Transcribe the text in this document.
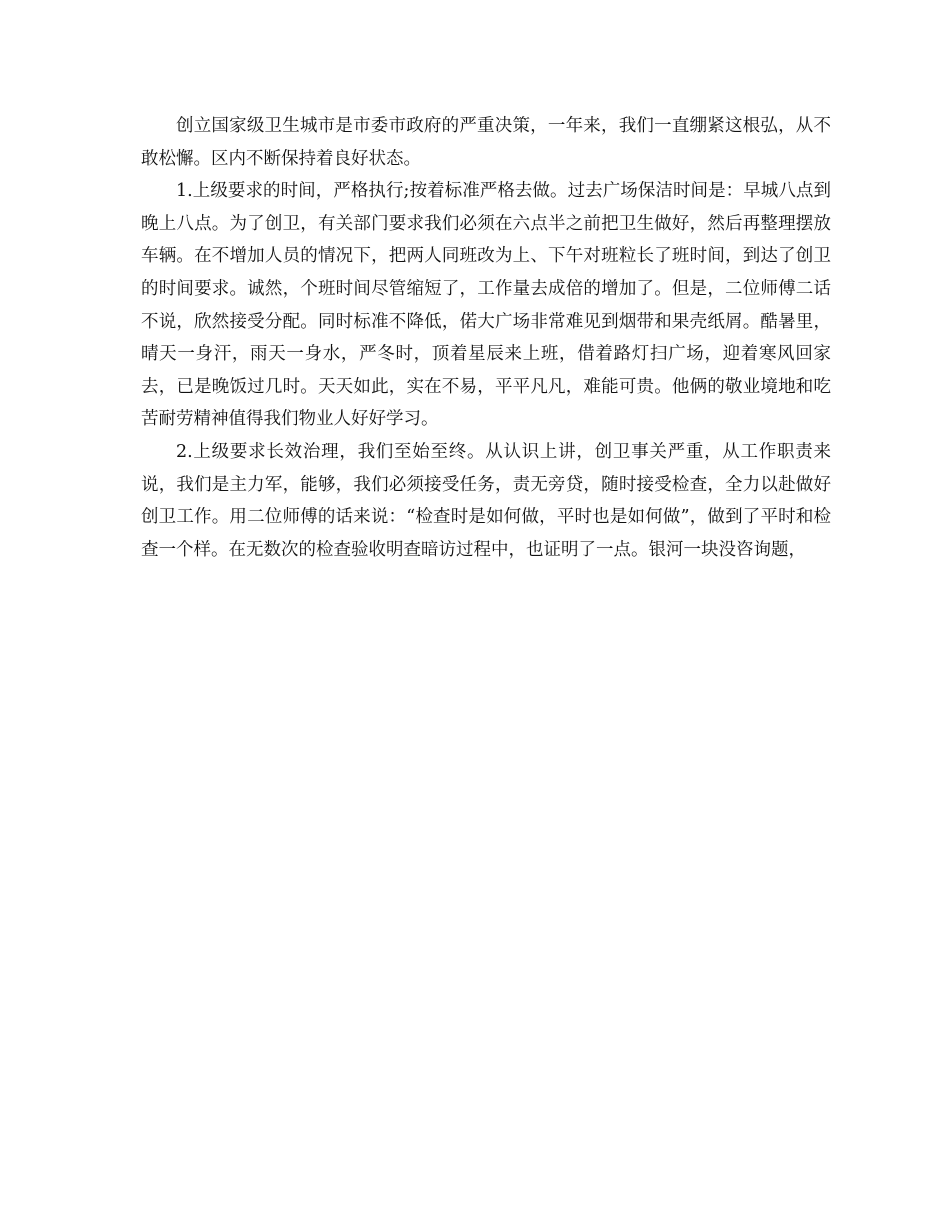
创立国家级卫生城市是市委市政府的严重决策，一年来，我们一直绷紧这根弘，从不敢松懈。区内不断保持着良好状态。

1.上级要求的时间，严格执行;按着标准严格去做。过去广场保洁时间是：早城八点到晚上八点。为了创卫，有关部门要求我们必须在六点半之前把卫生做好，然后再整理摆放车辆。在不增加人员的情况下，把两人同班改为上、下午对班粒长了班时间，到达了创卫的时间要求。诚然，个班时间尽管缩短了，工作量去成倍的增加了。但是，二位师傅二话不说，欣然接受分配。同时标准不降低，偌大广场非常难见到烟带和果壳纸屑。酷暑里，晴天一身汗，雨天一身水，严冬时，顶着星辰来上班，借着路灯扫广场，迎着寒风回家去，已是晚饭过几时。天天如此，实在不易，平平凡凡，难能可贵。他俩的敬业境地和吃苦耐劳精神值得我们物业人好好学习。

2.上级要求长效治理，我们至始至终。从认识上讲，创卫事关严重，从工作职责来说，我们是主力军，能够，我们必须接受任务，责无旁贷，随时接受检查，全力以赴做好创卫工作。用二位师傅的话来说：“检查时是如何做，平时也是如何做”，做到了平时和检查一个样。在无数次的检查验收明查暗访过程中，也证明了一点。银河一块没咨询题，
